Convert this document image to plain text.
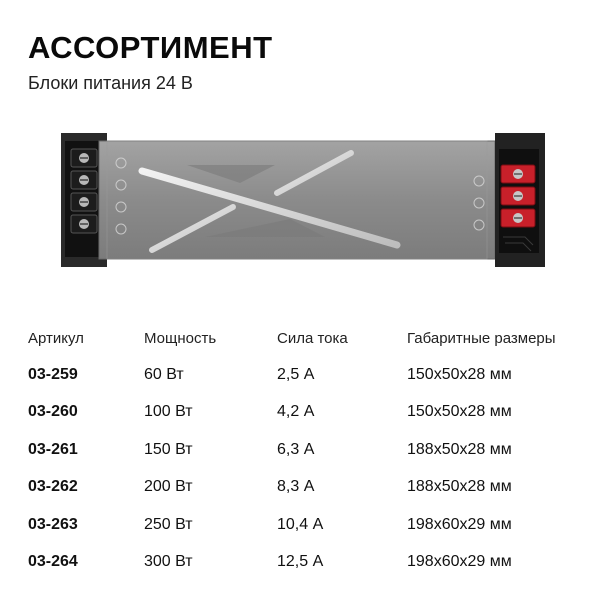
АССОРТИМЕНТ

Блоки питания 24 В

Артикул	Мощность	Сила тока	Габаритные размеры
03-259	60 Вт	2,5 А	150х50х28 мм
03-260	100 Вт	4,2 А	150х50х28 мм
03-261	150 Вт	6,3 А	188х50х28 мм
03-262	200 Вт	8,3 А	188х50х28 мм
03-263	250 Вт	10,4 А	198х60х29 мм
03-264	300 Вт	12,5 А	198х60х29 мм
